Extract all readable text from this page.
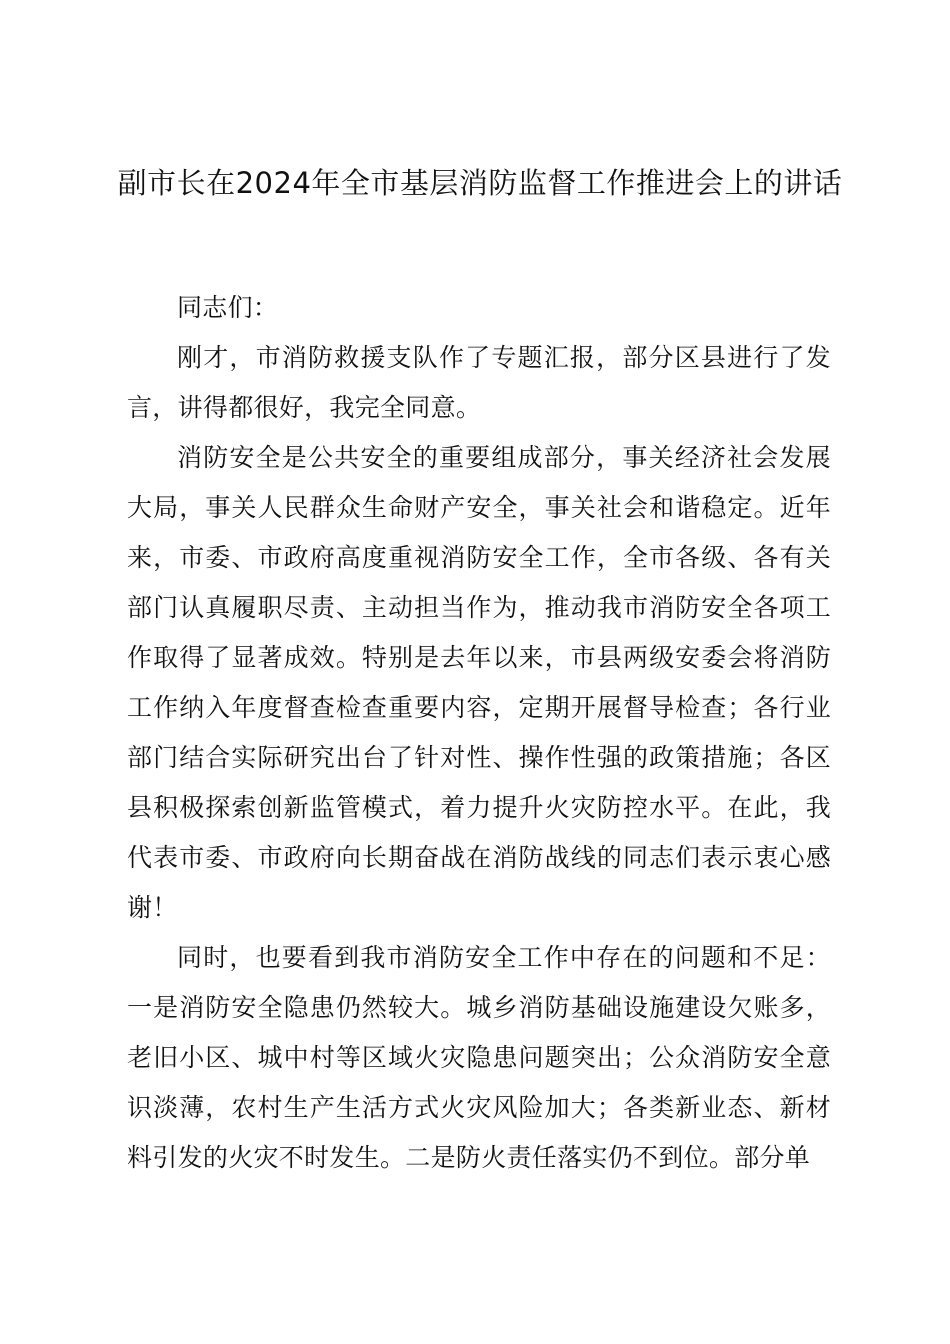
副市长在2024年全市基层消防监督工作推进会上的讲话

同志们：

刚才，市消防救援支队作了专题汇报，部分区县进行了发言，讲得都很好，我完全同意。

消防安全是公共安全的重要组成部分，事关经济社会发展大局，事关人民群众生命财产安全，事关社会和谐稳定。近年来，市委、市政府高度重视消防安全工作，全市各级、各有关部门认真履职尽责、主动担当作为，推动我市消防安全各项工作取得了显著成效。特别是去年以来，市县两级安委会将消防工作纳入年度督查检查重要内容，定期开展督导检查；各行业部门结合实际研究出台了针对性、操作性强的政策措施；各区县积极探索创新监管模式，着力提升火灾防控水平。在此，我代表市委、市政府向长期奋战在消防战线的同志们表示衷心感谢！

同时，也要看到我市消防安全工作中存在的问题和不足：一是消防安全隐患仍然较大。城乡消防基础设施建设欠账多，老旧小区、城中村等区域火灾隐患问题突出；公众消防安全意识淡薄，农村生产生活方式火灾风险加大；各类新业态、新材料引发的火灾不时发生。二是防火责任落实仍不到位。部分单
